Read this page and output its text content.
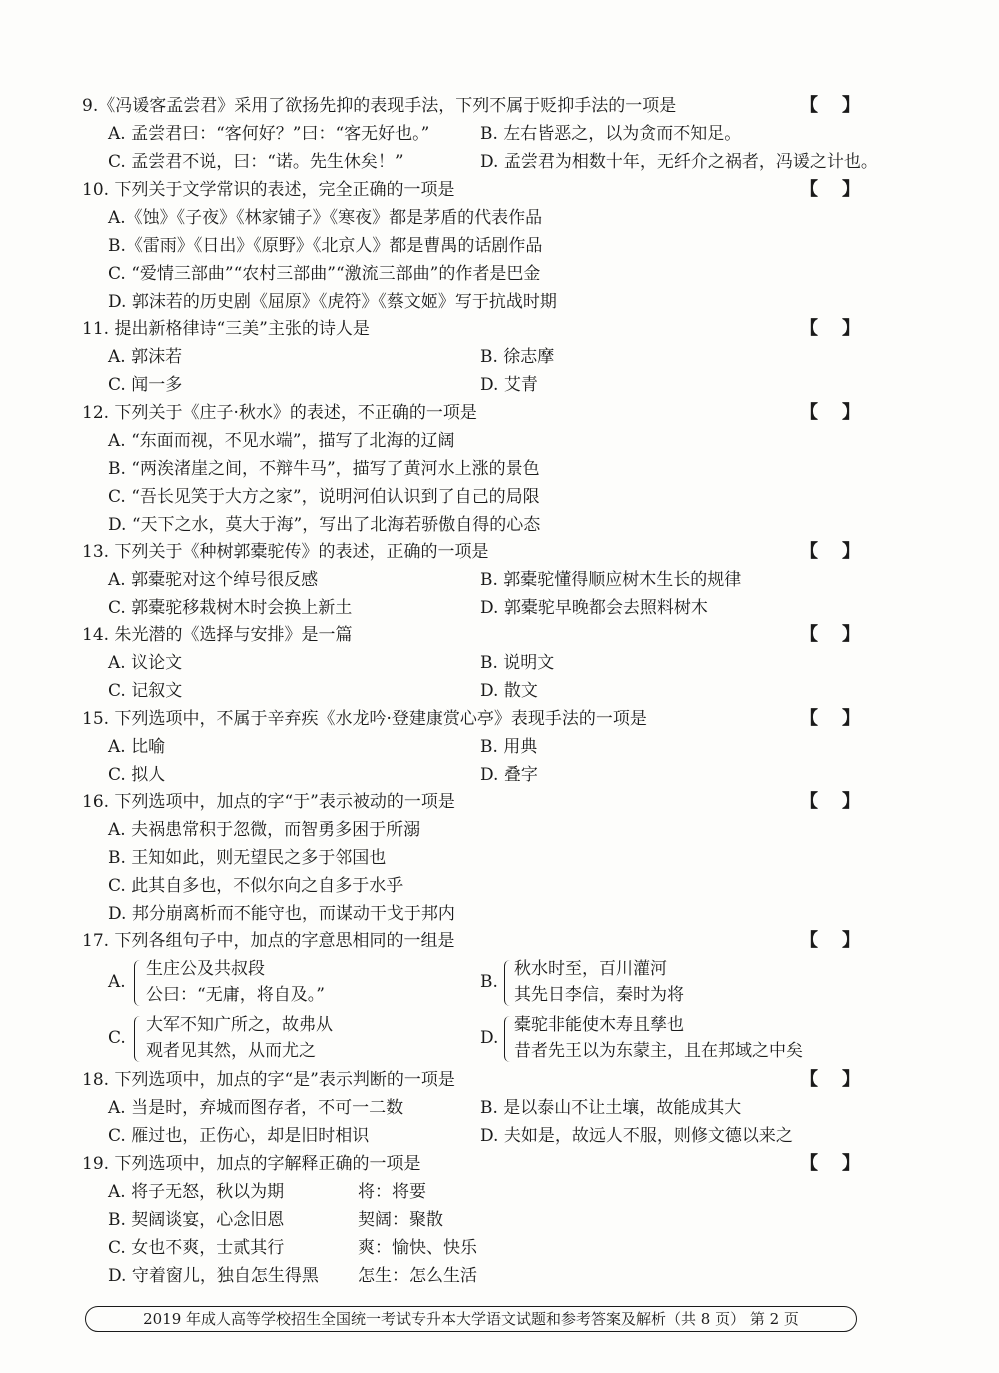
9.《冯谖客孟尝君》采用了欲扬先抑的表现手法，下列不属于贬抑手法的一项是	【 】
A. 孟尝君曰：“客何好？”曰：“客无好也。”	B. 左右皆恶之，以为贪而不知足。
C. 孟尝君不说，曰：“诺。先生休矣！”	D. 孟尝君为相数十年，无纤介之祸者，冯谖之计也。
10. 下列关于文学常识的表述，完全正确的一项是	【 】
A.《蚀》《子夜》《林家铺子》《寒夜》都是茅盾的代表作品
B.《雷雨》《日出》《原野》《北京人》都是曹禺的话剧作品
C. “爱情三部曲”“农村三部曲”“激流三部曲”的作者是巴金
D. 郭沫若的历史剧《屈原》《虎符》《蔡文姬》写于抗战时期
11. 提出新格律诗“三美”主张的诗人是	【 】
A. 郭沫若	B. 徐志摩
C. 闻一多	D. 艾青
12. 下列关于《庄子·秋水》的表述，不正确的一项是	【 】
A. “东面而视，不见水端”，描写了北海的辽阔
B. “两涘渚崖之间，不辩牛马”，描写了黄河水上涨的景色
C. “吾长见笑于大方之家”，说明河伯认识到了自己的局限
D. “天下之水，莫大于海”，写出了北海若骄傲自得的心态
13. 下列关于《种树郭橐驼传》的表述，正确的一项是	【 】
A. 郭橐驼对这个绰号很反感	B. 郭橐驼懂得顺应树木生长的规律
C. 郭橐驼移栽树木时会换上新土	D. 郭橐驼早晚都会去照料树木
14. 朱光潜的《选择与安排》是一篇	【 】
A. 议论文	B. 说明文
C. 记叙文	D. 散文
15. 下列选项中，不属于辛弃疾《水龙吟·登建康赏心亭》表现手法的一项是	【 】
A. 比喻	B. 用典
C. 拟人	D. 叠字
16. 下列选项中，加点的字“于”表示被动的一项是	【 】
A. 夫祸患常积于忽微，而智勇多困于所溺
B. 王知如此，则无望民之多于邻国也
C. 此其自多也，不似尔向之自多于水乎
D. 邦分崩离析而不能守也，而谋动干戈于邦内
17. 下列各组句子中，加点的字意思相同的一组是	【 】
A.
生庄公及共叔段
公曰：“无庸，将自及。”
B.
秋水时至，百川灌河
其先日李信，秦时为将
C.
大军不知广所之，故弗从
观者见其然，从而尤之
D.
橐驼非能使木寿且孳也
昔者先王以为东蒙主，且在邦域之中矣
18. 下列选项中，加点的字“是”表示判断的一项是	【 】
A. 当是时，弃城而图存者，不可一二数	B. 是以泰山不让土壤，故能成其大
C. 雁过也，正伤心，却是旧时相识	D. 夫如是，故远人不服，则修文德以来之
19. 下列选项中，加点的字解释正确的一项是	【 】
A. 将子无怒，秋以为期	将：将要
B. 契阔谈宴，心念旧恩	契阔：聚散
C. 女也不爽，士贰其行	爽：愉快、快乐
D. 守着窗儿，独自怎生得黑 怎生：怎么生活
2019 年成人高等学校招生全国统一考试专升本大学语文试题和参考答案及解析（共 8 页） 第 2 页
